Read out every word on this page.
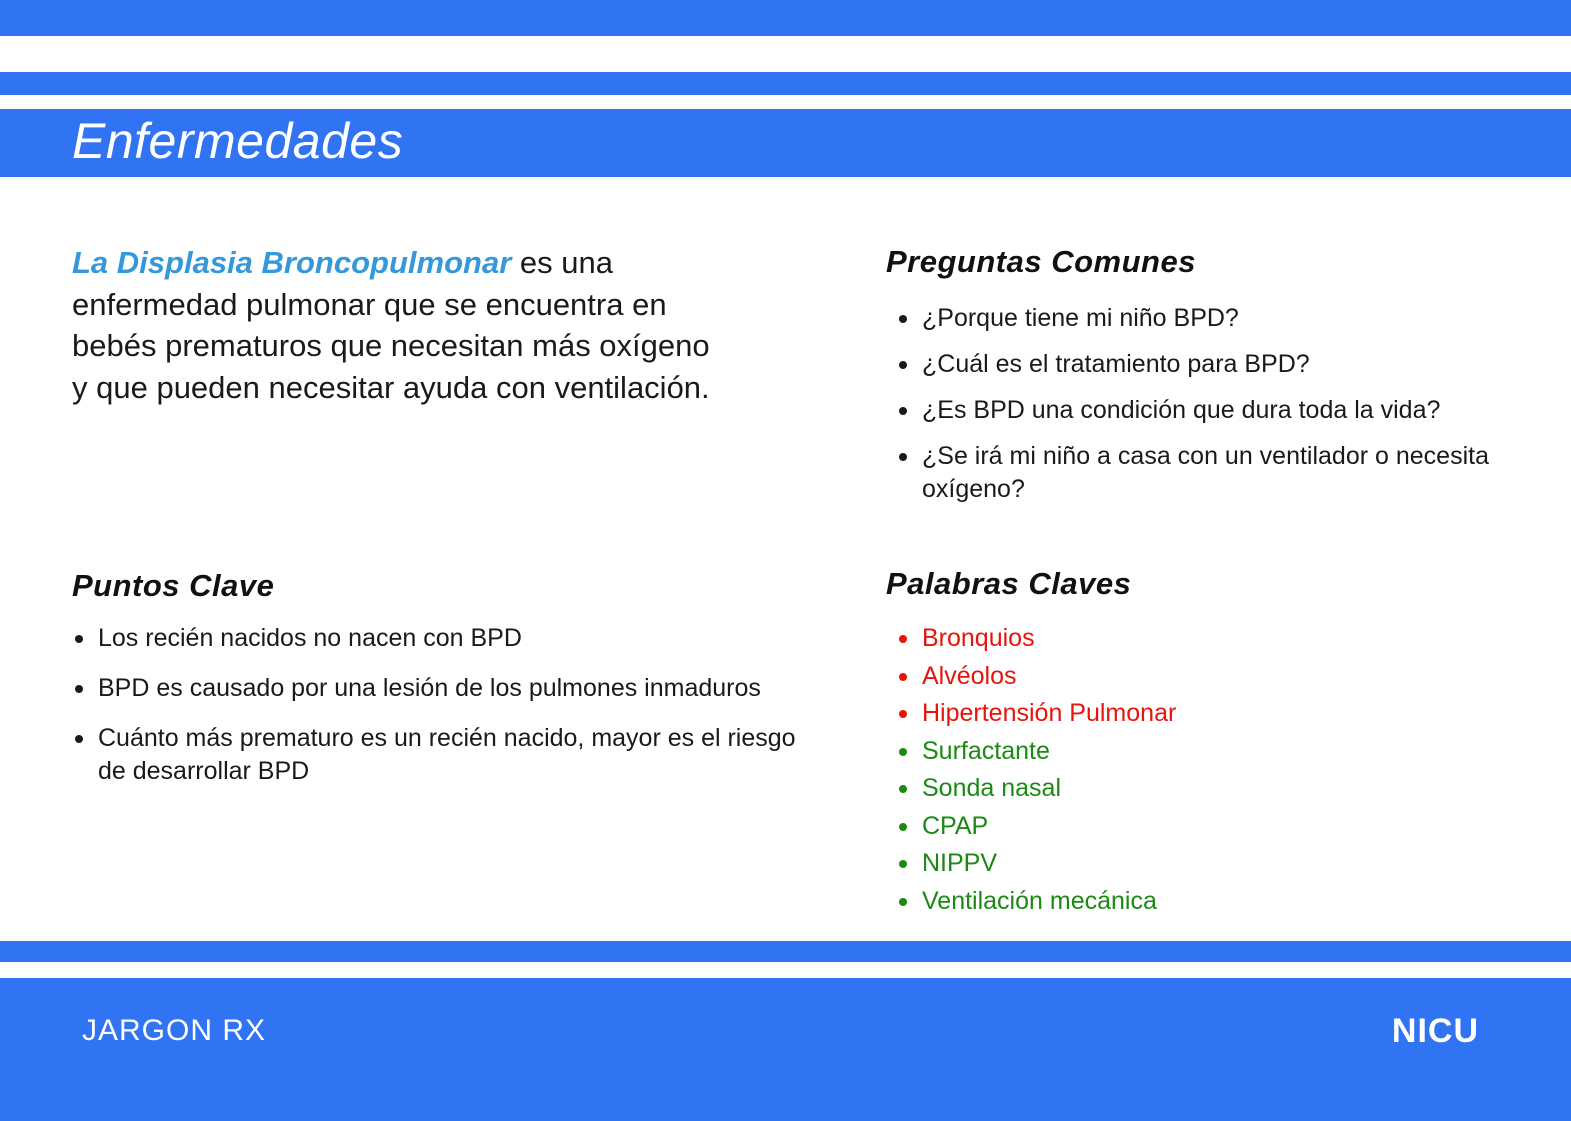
Enfermedades

La Displasia Broncopulmonar es una enfermedad pulmonar que se encuentra en bebés prematuros que necesitan más oxígeno y que pueden necesitar ayuda con ventilación.

Preguntas Comunes
¿Porque tiene mi niño BPD?
¿Cuál es el tratamiento para BPD?
¿Es BPD una condición que dura toda la vida?
¿Se irá mi niño a casa con un ventilador o necesita oxígeno?
Puntos Clave
Los recién nacidos no nacen con BPD
BPD es causado por una lesión de los pulmones inmaduros
Cuánto más prematuro es un recién nacido, mayor es el riesgo de desarrollar BPD
Palabras Claves
Bronquios
Alvéolos
Hipertensión Pulmonar
Surfactante
Sonda nasal
CPAP
NIPPV
Ventilación mecánica
JARGON RX	NICU
